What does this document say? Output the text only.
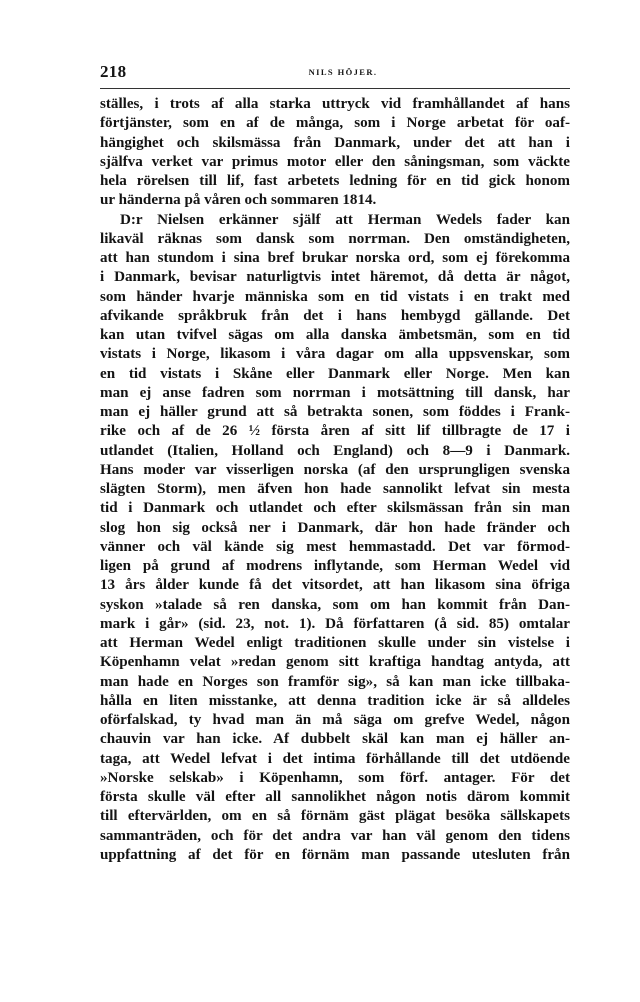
218	NILS HÖJER.
ställes, i trots af alla starka uttryck vid framhållandet af hans
förtjänster, som en af de många, som i Norge arbetat för oaf-
hängighet och skilsmässa från Danmark, under det att han i
själfva verket var primus motor eller den såningsman, som väckte
hela rörelsen till lif, fast arbetets ledning för en tid gick honom
ur händerna på våren och sommaren 1814.
D:r Nielsen erkänner själf att Herman Wedels fader kan
likaväl räknas som dansk som norrman. Den omständigheten,
att han stundom i sina bref brukar norska ord, som ej förekomma
i Danmark, bevisar naturligtvis intet häremot, då detta är något,
som händer hvarje människa som en tid vistats i en trakt med
afvikande språkbruk från det i hans hembygd gällande. Det
kan utan tvifvel sägas om alla danska ämbetsmän, som en tid
vistats i Norge, likasom i våra dagar om alla uppsvenskar, som
en tid vistats i Skåne eller Danmark eller Norge. Men kan
man ej anse fadren som norrman i motsättning till dansk, har
man ej häller grund att så betrakta sonen, som föddes i Frank-
rike och af de 26 ½ första åren af sitt lif tillbragte de 17 i
utlandet (Italien, Holland och England) och 8—9 i Danmark.
Hans moder var visserligen norska (af den ursprungligen svenska
slägten Storm), men äfven hon hade sannolikt lefvat sin mesta
tid i Danmark och utlandet och efter skilsmässan från sin man
slog hon sig också ner i Danmark, där hon hade fränder och
vänner och väl kände sig mest hemmastadd. Det var förmod-
ligen på grund af modrens inflytande, som Herman Wedel vid
13 års ålder kunde få det vitsordet, att han likasom sina öfriga
syskon »talade så ren danska, som om han kommit från Dan-
mark i går» (sid. 23, not. 1). Då författaren (å sid. 85) omtalar
att Herman Wedel enligt traditionen skulle under sin vistelse i
Köpenhamn velat »redan genom sitt kraftiga handtag antyda, att
man hade en Norges son framför sig», så kan man icke tillbaka-
hålla en liten misstanke, att denna tradition icke är så alldeles
oförfalskad, ty hvad man än må säga om grefve Wedel, någon
chauvin var han icke. Af dubbelt skäl kan man ej häller an-
taga, att Wedel lefvat i det intima förhållande till det utdöende
»Norske selskab» i Köpenhamn, som förf. antager. För det
första skulle väl efter all sannolikhet någon notis därom kommit
till eftervärlden, om en så förnäm gäst plägat besöka sällskapets
sammanträden, och för det andra var han väl genom den tidens
uppfattning af det för en förnäm man passande utesluten från
